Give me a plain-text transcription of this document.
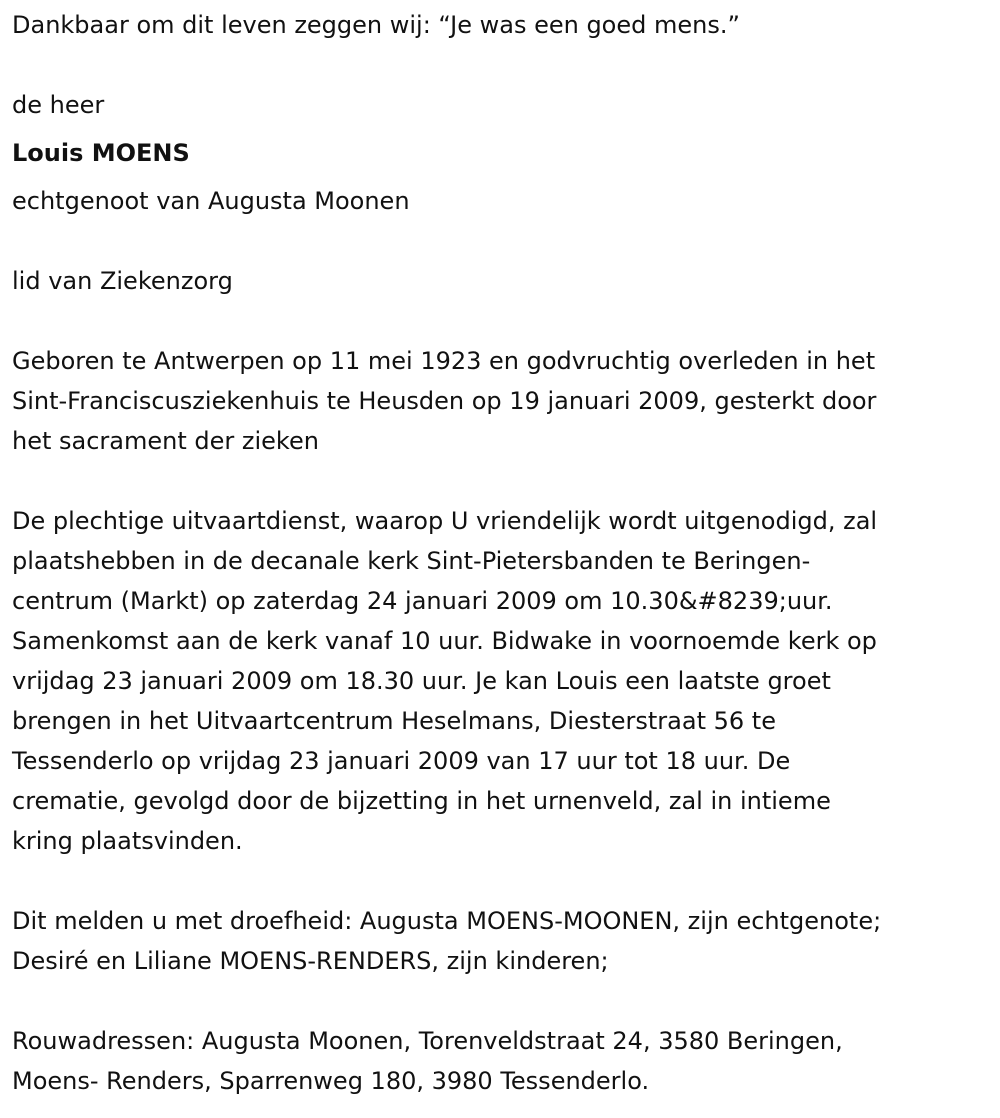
Dankbaar om dit leven zeggen wij: “Je was een goed mens.”
de heer
Louis MOENS
echtgenoot van Augusta Moonen
lid van Ziekenzorg
Geboren te Antwerpen op 11 mei 1923 en godvruchtig overleden in het
Sint-Franciscusziekenhuis te Heusden op 19 januari 2009, gesterkt door
het sacrament der zieken
De plechtige uitvaartdienst, waarop U vriendelijk wordt uitgenodigd, zal
plaatshebben in de decanale kerk Sint-Pietersbanden te Beringen-
centrum (Markt) op zaterdag 24 januari 2009 om 10.30&#8239;uur.
Samenkomst aan de kerk vanaf 10 uur. Bidwake in voornoemde kerk op
vrijdag 23 januari 2009 om 18.30 uur. Je kan Louis een laatste groet
brengen in het Uitvaartcentrum Heselmans, Diesterstraat 56 te
Tessenderlo op vrijdag 23 januari 2009 van 17 uur tot 18 uur. De
crematie, gevolgd door de bijzetting in het urnenveld, zal in intieme
kring plaatsvinden.
Dit melden u met droefheid: Augusta MOENS-MOONEN, zijn echtgenote;
Desiré en Liliane MOENS-RENDERS, zijn kinderen;
Rouwadressen: Augusta Moonen, Torenveldstraat 24, 3580 Beringen,
Moens- Renders, Sparrenweg 180, 3980 Tessenderlo.
